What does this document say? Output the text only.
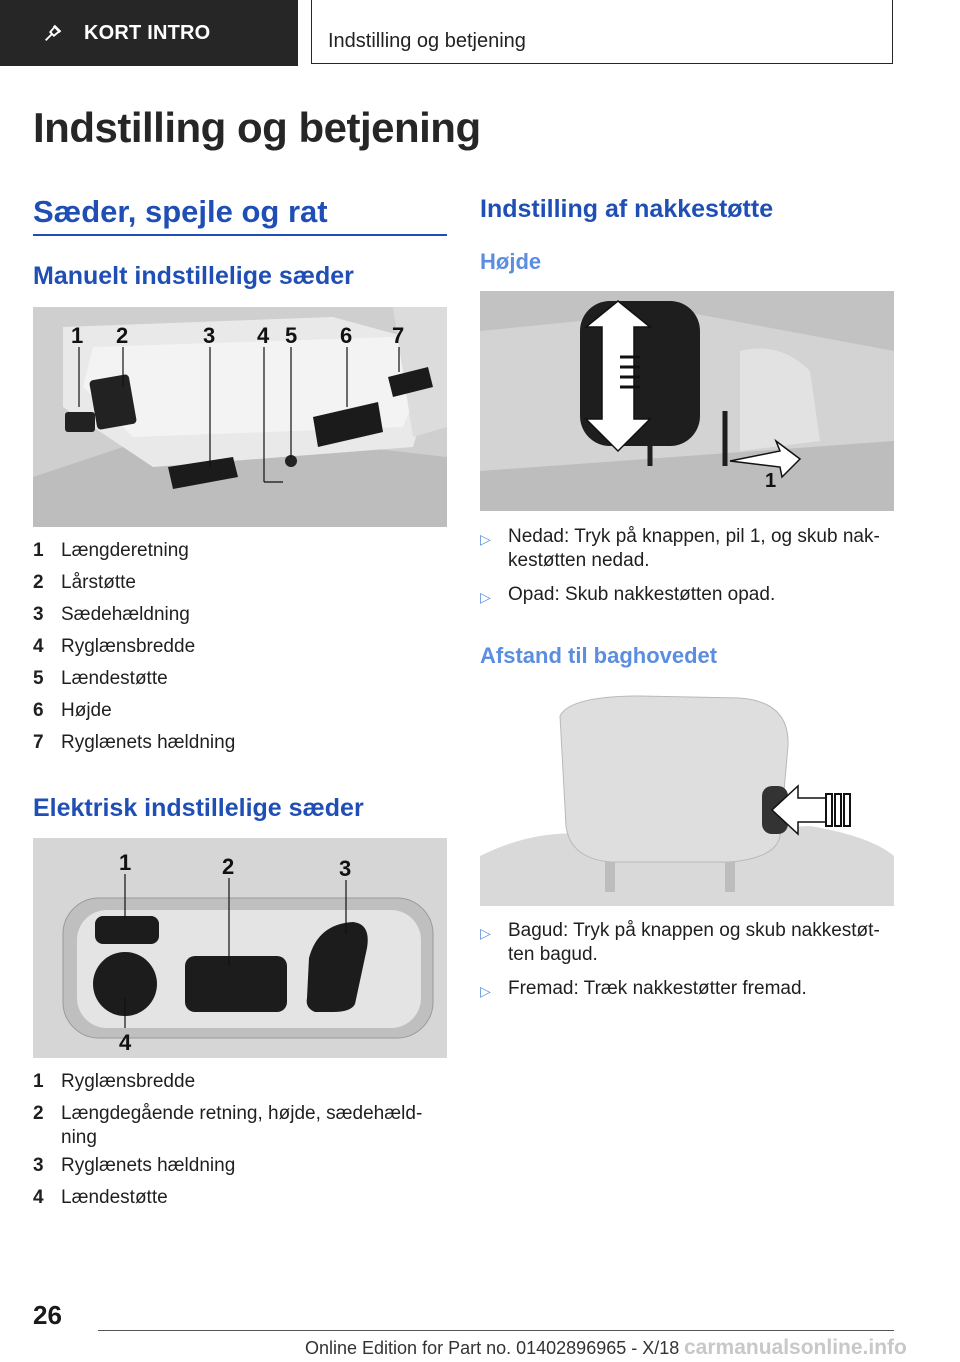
KORT INTRO	Indstilling og betjening
Indstilling og betjening
Sæder, spejle og rat
Manuelt indstillelige sæder
1 2	3 4 5 6 7
1 Længderetning
2 Lårstøtte
3 Sædehældning
4 Ryglænsbredde
5 Lændestøtte
6 Højde
7 Ryglænets hældning
Elektrisk indstillelige sæder
1	2	3
4
1 Ryglænsbredde
2 Længdegående retning, højde, sædehældning
3 Ryglænets hældning
4 Lændestøtte
Indstilling af nakkestøtte
Højde
1
▷ Nedad: Tryk på knappen, pil 1, og skub nakkestøtten nedad.
▷ Opad: Skub nakkestøtten opad.
Afstand til baghovedet
▷ Bagud: Tryk på knappen og skub nakkestøtten bagud.
▷ Fremad: Træk nakkestøtter fremad.
26
Online Edition for Part no. 01402896965 - X/18 carmanualsonline.info
